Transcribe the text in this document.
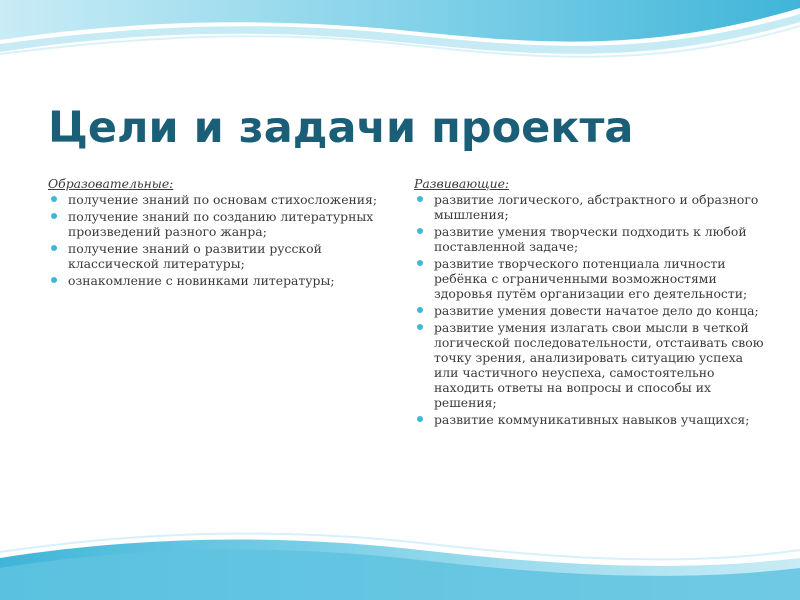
Цели и задачи проекта
Образовательные:
получение знаний по основам стихосложения;
получение знаний по созданию литературных произведений разного жанра;
получение знаний о развитии русской классической литературы;
ознакомление с новинками литературы;
Развивающие:
развитие логического, абстрактного и образного мышления;
развитие умения творчески подходить к любой поставленной задаче;
развитие творческого потенциала личности ребёнка с ограниченными возможностями здоровья путём организации его деятельности;
развитие умения довести начатое дело до конца;
развитие умения излагать свои мысли в четкой логической последовательности, отстаивать свою точку зрения, анализировать ситуацию успеха или частичного неуспеха, самостоятельно находить ответы на вопросы и способы их решения;
развитие коммуникативных навыков учащихся;
